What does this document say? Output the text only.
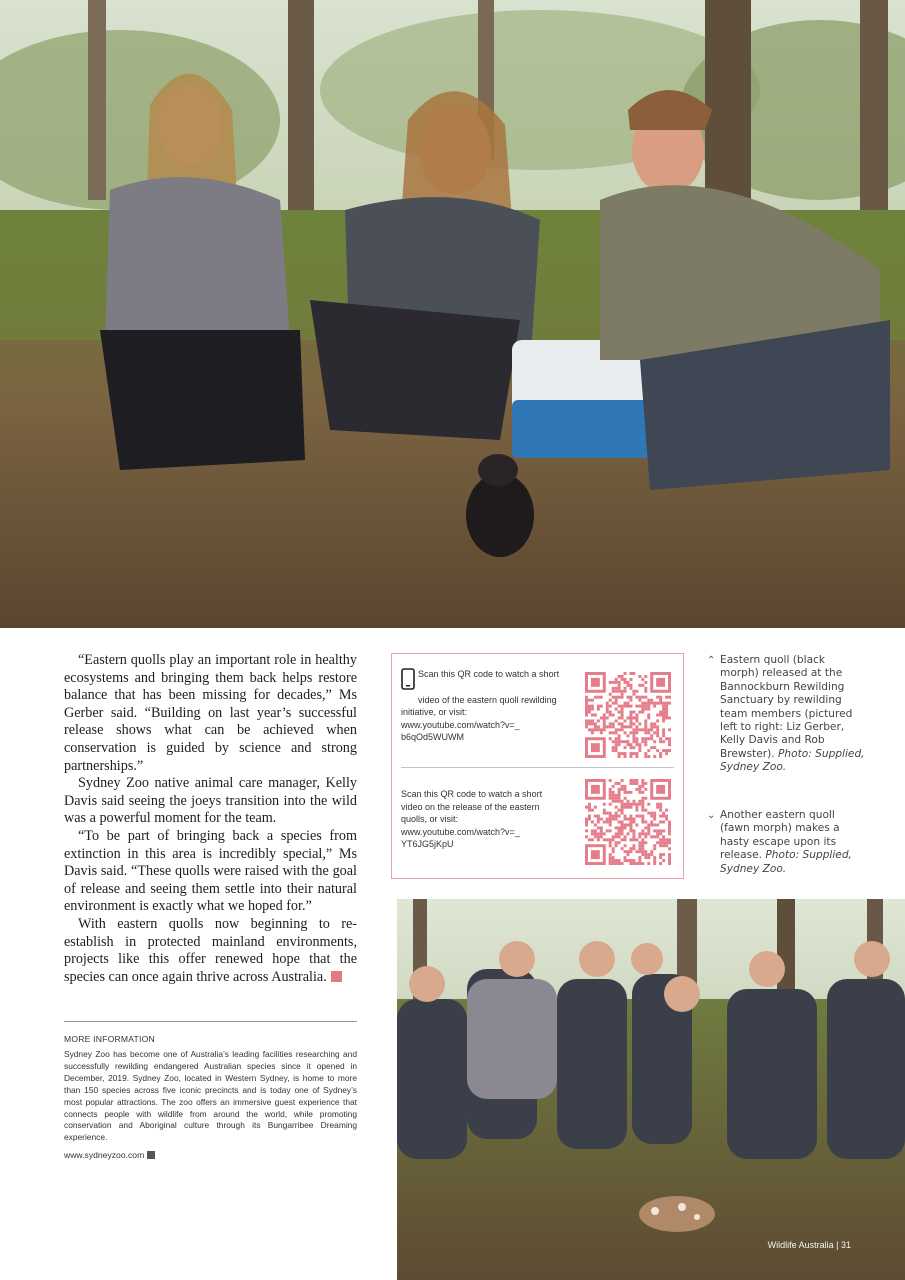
“Eastern quolls play an important role in healthy ecosystems and bringing them back helps restore balance that has been missing for decades,” Ms Gerber said. “Building on last year’s successful release shows what can be achieved when conservation is guided by science and strong partnerships.”

Sydney Zoo native animal care manager, Kelly Davis said seeing the joeys transition into the wild was a powerful moment for the team.

“To be part of bringing back a species from extinction in this area is incredibly special,” Ms Davis said. “These quolls were raised with the goal of release and seeing them settle into their natural environment is exactly what we hoped for.”

With eastern quolls now beginning to re-establish in protected mainland environments, projects like this offer renewed hope that the species can once again thrive across Australia.

MORE INFORMATION

Sydney Zoo has become one of Australia’s leading facilities researching and successfully rewilding endangered Australian species since it opened in December, 2019. Sydney Zoo, located in Western Sydney, is home to more than 150 species across five iconic precincts and is today one of Sydney’s most popular attractions. The zoo offers an immersive guest experience that connects people with wildlife from around the world, while promoting conservation and Aboriginal culture through its Bungarribee Dreaming experience.

www.sydneyzoo.com
Scan this QR code to watch a short
video of the eastern quoll rewilding
initiative, or visit:
www.youtube.com/watch?v=_
b6qOd5WUWM
Scan this QR code to watch a short
video on the release of the eastern
quolls, or visit:
www.youtube.com/watch?v=_
YT6JG5jKpU
⌃ Eastern quoll (black morph) released at the Bannockburn Rewilding Sanctuary by rewilding team members (pictured left to right: Liz Gerber, Kelly Davis and Rob Brewster). Photo: Supplied, Sydney Zoo.
⌄ Another eastern quoll (fawn morph) makes a hasty escape upon its release. Photo: Supplied, Sydney Zoo.
Wildlife Australia | 31
